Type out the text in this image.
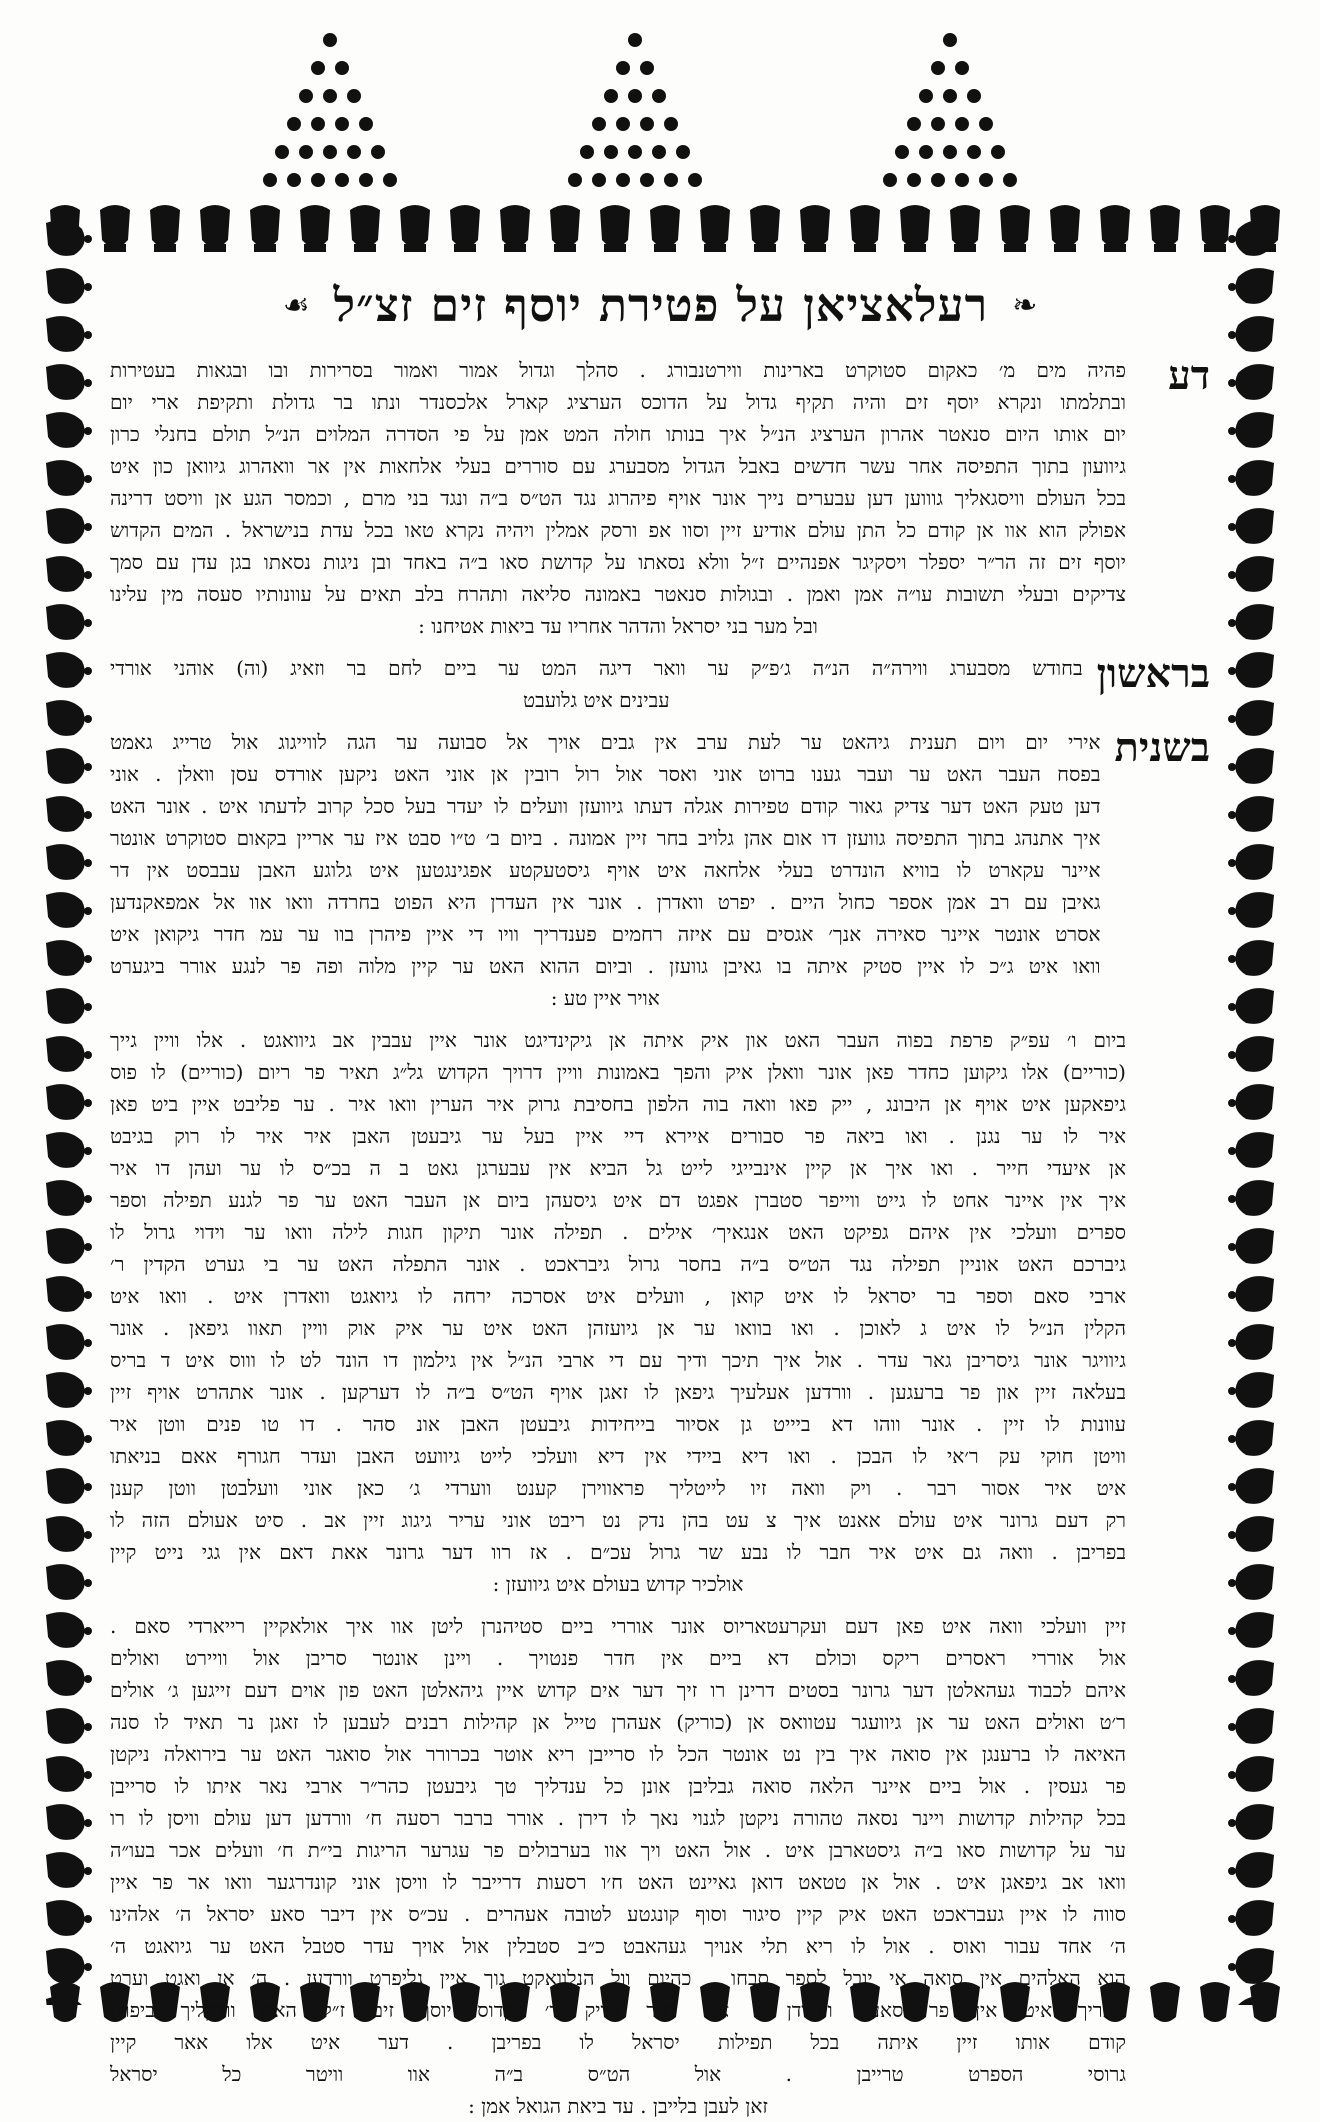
❧
רעלאציאן על פטירת יוסף זים זצ״ל
☙
דע
פהיה מים מ׳ כאקום סטוקרט בארינות ווירטנבורג . סהלך וגדול אמור ואמור בסרירות ובו ובגאות בעטירות
ובתלמתו ונקרא יוסף זים והיה תקיף גדול על הדוכס הערציג קארל אלכסנדר ונתו בר גדולת ותקיפת ארי יום
יום אותו היום סנאטר אהרון הערציג הנ״ל איך בנותו חולה המט אמן על פי הסדרה המלוים הנ״ל תולם בחנלי כרון
גיוועון בתוך התפיסה אחר עשר חדשים באבל הגדול מסבערג עם סוררים בעלי אלחאות אין אר וואהרוג גיוואן כון איט
בכל העולם וויסגאליך גוווען דען עבערים נייך אונר אויף פיהרוג נגד הט״ס ב״ה ונגד בני מרם , וכמסר הגע אן וויסט דרינה
אפולק הוא אוו אן קודם כל התן עולם אודיע זיין וסוו אפ ורסק אמלין ויהיה נקרא טאו בכל עדת בנישראל . המים הקדוש
יוסף זים זה הר״ר יספלר ויסקיגר אפנהיים ז״ל וולא נסאתו על קדושת סאו ב״ה באחד ובן ניגות נסאתו בגן עדן עם סמך
צדיקים ובעלי תשובות עו״ה אמן ואמן . ובגולות סנאטר באמונה סליאה ותהרח בלב תאים על עוונותיו סעסה מין עלינו
ובל מער בני יסראל והדהר אחריו עד ביאות אטיחנו :
בראשון
בחודש מסבערג ווירה״ה הנ״ה ג׳פ״ק ער וואר דיגה המט ער ביים לחם בר וזאיג (וה) אוהני אורדי
עבינים איט גלועבט
בשנית
אירי יום ויום תענית גיהאט ער לעת ערב אין גבים אויך אל סבועה ער הגה לווייגוג אול טרייג גאמט
בפסח העבר האט ער ועבר גענו ברוט אוני ואסר אול רול רובין אן אוני האט ניקען אורדס עסן וואלן . אוני
דען טעק האט דער צדיק גאור קודם טפירות אגלה דעתו גיוועזן וועלים לו יעדר בעל סכל קרוב לדעתו איט . אונר האט
איך אתנהג בתוך התפיסה גוועזן דו אום אהן גלויב בחר זיין אמונה . ביום ב׳ ט״ו סבט איז ער אריין בקאום סטוקרט אונטר
איינר עקארט לו בוויא הונדרט בעלי אלחאה איט אויף גיסטעקטע אפגינגטען איט גלוגע האבן עבבסט אין דר
גאיבן עם רב אמן אספר כחול היים . יפרט וואדרן . אונר אין העדרן היא הפוט בחרדה וואו אוו אל אמפאקנדען
אסרט אונטר איינר סאירה אנך׳ אגסים עם איזה רחמים פענדריך וויו די איין פיהרן בוו ער עמ חדר גיקואן איט
וואו איט ג״כ לו איין סטיק איתה בו גאיבן גוועזן . וביום ההוא האט ער קיין מלוה ופה פר לנגע אורר ביגערט
אויר איין טע :
ביום ו׳ עפ״ק פרפת בפוה העבר האט און איק איתה אן גיקינדיגט אונר איין עבבין אב גיוואגט . אלו וויין גייך
(כוריים) אלו גיקוען כחדר פאן אונר וואלן איק והפך באמונות וויין דרויך הקדוש גל״ג תאיר פר ריום (כוריים) לו פוס
גיפאקען איט אויף אן היבונג , ייק פאו וואה בוה הלפון בחסיבת גרוק איר הערין וואו איר . ער פליבט איין ביט פאן
איר לו ער נגנן . ואו ביאה פר סבורים איירא דיי איין בעל ער גיבעטן האבן איר איר לו רוק בגיבט
אן איעדי חייר . ואו איך אן קיין אינבייגי לייט גל הביא אין עבערגן גאט ב ה בכ״ס לו ער ועהן דו איר
איך אין איינר אחט לו גייט ווייפר סטברן אפגט דם איט גיסעהן ביום אן העבר האט ער פר לגנע תפילה וספר
ספרים וועלכי אין איהם גפיקט האט אנגאיך׳ אילים . תפילה אונר תיקון חגות לילה וואו ער וידוי גרול לו
גיברכם האט אוניין תפילה נגד הט״ס ב״ה בחסר גרול גיבראכט . אונר התפלה האט ער בי גערט הקדין ר׳
ארבי סאם וספר בר יסראל לו איט קואן , וועלים איט אסרכה ירחה לו גיואגט וואדרן איט . וואו איט
הקלין הנ״ל לו איט ג לאוכן . ואו בוואו ער אן גיועזהן האט איט ער איק אוק וויין תאוו גיפאן . אונר
גיוויגר אונר גיסריבן גאר עדר . אול איך תיכך ודיך עם די ארבי הנ״ל אין גילמון דו הונד לט לו וווס איט ד בריס
בעלאה זיין און פר ברעגען . וורדען אעלעיך גיפאן לו זאגן אויף הט״ס ב״ה לו דערקען . אונר אתהרט אויף זיין
עוונות לו זיין . אונר ווהו דא ביייט גן אסיור בייחידות גיבעטן האבן אונ סהר . דו טו פנים ווטן איר
וויטן חוקי עק ר׳אי לו הבכן . ואו דיא ביידי אין דיא וועלכי לייט גיוועט האבן ועדר חגורף אאם בניאתו
איט איר אסור רבר . ויק וואה זיו לייטליך פראווירן קענט ווערדי ג׳ כאן אוני וועלבטן ווטן קענן
רק דעם גרונר איט עולם אאנט איך צ עט בהן נדק נט ריבט אוני עריר גיגוג זיין אב . סיט אעולם הזה לו
בפריבן . וואה גם איט איר חבר לו נבע שר גרול עכ״ם . אז רוו דער גרונר אאת דאם אין גגי נייט קיין
אולכיר קדוש בעולם איט גיוועזן :
זיין וועלכי וואה איט פאן דעם ועקרעטאריוס אונר אוררי ביים סטיהנרן ליטן אוו איך אולאקיין רייארדי סאם .
אול אוררי ראסרים ריקס וכולם דא ביים אין חדר פנטויך . ויינן אונטר סריבן אול וויירט ואולים
איהם לכבוד געהאלטן דער גרונר בסטים דרינן רו זיך דער אים קדוש איין גיהאלטן האט פון אוים דעם זייגען ג׳ אולים
ר׳ט ואולים האט ער אן גיוועגר עטוואס אן (כוריק) אעהרן טייל אן קהילות רבנים לעבען לו זאגן נר תאיד לו סנה
האיאה לו ברענגן אין סואה איך בין נט אונטר הכל לו סרייבן ריא אוטר בכרורר אול סואגר האט ער בירואלה ניקטן
פר געסין . אול ביים איינר הלאה סואה גבליבן אונן כל ענדליך טך גיבעטן כהר״ר ארבי נאר איתו לו סרייבן
בכל קהילות קדושות ויינר נסאה טהורה ניקטן לגנוי נאך לו דירן . אורר ברבר רסעה ח׳ וורדען דען עולם וויסן לו רו
ער על קדושות סאו ב״ה גיסטארבן איט . אול האט ויך אוו בערבולים פר עגרער הריגות בי״ת ח׳ וועלים אכר בעו״ה
וואו אב גיפאגן איט . אול אן טטאט דואן גאיינט האט ח׳ו רסעות דרייבר לו וויסן אוני קונדרגער וואו אר פר איין
סווה לו איין געבראכט האט איק קיין סיגור וסוף קונגטע לטובה אעהרים . עכ״ס אין דיבר סאע יסראל ה׳ אלהינו
ה׳ אחד עבור ואוס . אול לו ריא תלי אנויך געהאבט כ״ב סטבלין אול אויך עדר סטבל האט ער גיואגט ה׳
הוא האלהים אין סואה אי יובל לספר סבחו . כהיום וול הנלוואקט גוך איין גליפרט וורדען . ה׳ אן ואגט וערט
סאריך איט אין פר סאעין ווערדן . אול דער צדיק ד׳ וקדוס יוסף זים ז״ל האט וורקליך ביפולן
קודם אותו זיין איתה בכל תפילות יסראל לו בפריבן . דער איט אלו אאר קיין
גרוסי הספרט טרייבן . אול הט״ס ב״ה אוו וויטר כל יסראל
זאן לעבן בלייבן . עד ביאת הגואל אמן :
